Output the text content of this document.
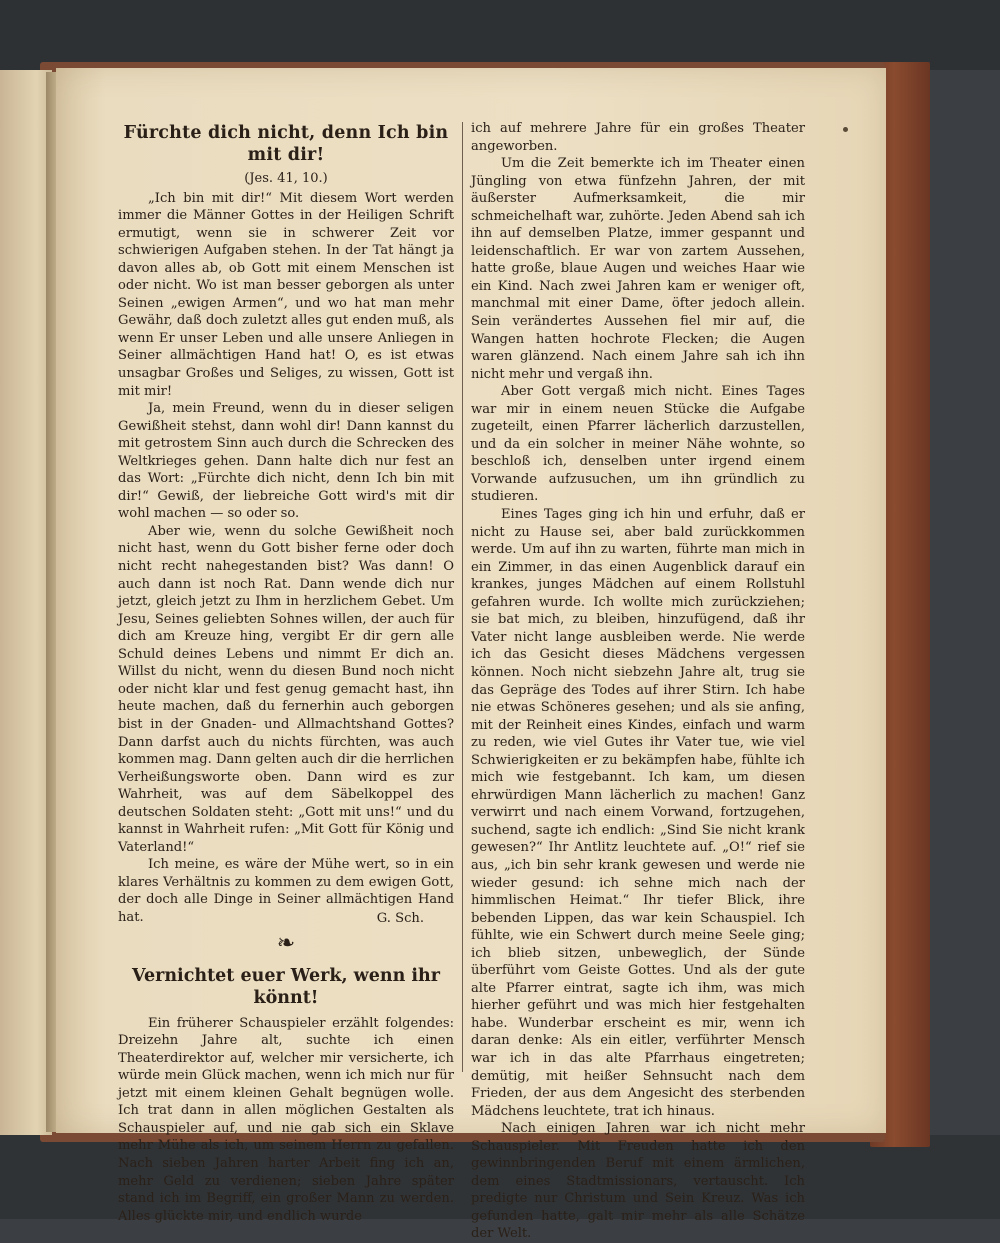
Fürchte dich nicht, denn Ich bin mit dir!
(Jes. 41, 10.)

„Ich bin mit dir!“ Mit diesem Wort werden immer die Männer Gottes in der Heiligen Schrift ermutigt, wenn sie in schwerer Zeit vor schwierigen Aufgaben stehen. In der Tat hängt ja davon alles ab, ob Gott mit einem Menschen ist oder nicht. Wo ist man besser geborgen als unter Seinen „ewigen Armen“, und wo hat man mehr Gewähr, daß doch zuletzt alles gut enden muß, als wenn Er unser Leben und alle unsere Anliegen in Seiner allmächtigen Hand hat! O, es ist etwas unsagbar Großes und Seliges, zu wissen, Gott ist mit mir!

Ja, mein Freund, wenn du in dieser seligen Gewißheit stehst, dann wohl dir! Dann kannst du mit getrostem Sinn auch durch die Schrecken des Weltkrieges gehen. Dann halte dich nur fest an das Wort: „Fürchte dich nicht, denn Ich bin mit dir!“ Gewiß, der liebreiche Gott wird's mit dir wohl machen — so oder so.

Aber wie, wenn du solche Gewißheit noch nicht hast, wenn du Gott bisher ferne oder doch nicht recht nahegestanden bist? Was dann! O auch dann ist noch Rat. Dann wende dich nur jetzt, gleich jetzt zu Ihm in herzlichem Gebet. Um Jesu, Seines geliebten Sohnes willen, der auch für dich am Kreuze hing, vergibt Er dir gern alle Schuld deines Lebens und nimmt Er dich an. Willst du nicht, wenn du diesen Bund noch nicht oder nicht klar und fest genug gemacht hast, ihn heute machen, daß du fernerhin auch geborgen bist in der Gnaden- und Allmachtshand Gottes? Dann darfst auch du nichts fürchten, was auch kommen mag. Dann gelten auch dir die herrlichen Verheißungsworte oben. Dann wird es zur Wahrheit, was auf dem Säbelkoppel des deutschen Soldaten steht: „Gott mit uns!“ und du kannst in Wahrheit rufen: „Mit Gott für König und Vaterland!“

Ich meine, es wäre der Mühe wert, so in ein klares Verhältnis zu kommen zu dem ewigen Gott, der doch alle Dinge in Seiner allmächtigen Hand hat.	G. Sch.
❧
Vernichtet euer Werk, wenn ihr könnt!

Ein früherer Schauspieler erzählt folgendes: Dreizehn Jahre alt, suchte ich einen Theaterdirektor auf, welcher mir versicherte, ich würde mein Glück machen, wenn ich mich nur für jetzt mit einem kleinen Gehalt begnügen wolle. Ich trat dann in allen möglichen Gestalten als Schauspieler auf, und nie gab sich ein Sklave mehr Mühe als ich, um seinem Herrn zu gefallen. Nach sieben Jahren harter Arbeit fing ich an, mehr Geld zu verdienen; sieben Jahre später stand ich im Begriff, ein großer Mann zu werden. Alles glückte mir, und endlich wurde

ich auf mehrere Jahre für ein großes Theater angeworben.

Um die Zeit bemerkte ich im Theater einen Jüngling von etwa fünfzehn Jahren, der mit äußerster Aufmerksamkeit, die mir schmeichelhaft war, zuhörte. Jeden Abend sah ich ihn auf demselben Platze, immer gespannt und leidenschaftlich. Er war von zartem Aussehen, hatte große, blaue Augen und weiches Haar wie ein Kind. Nach zwei Jahren kam er weniger oft, manchmal mit einer Dame, öfter jedoch allein. Sein verändertes Aussehen fiel mir auf, die Wangen hatten hochrote Flecken; die Augen waren glänzend. Nach einem Jahre sah ich ihn nicht mehr und vergaß ihn.

Aber Gott vergaß mich nicht. Eines Tages war mir in einem neuen Stücke die Aufgabe zugeteilt, einen Pfarrer lächerlich darzustellen, und da ein solcher in meiner Nähe wohnte, so beschloß ich, denselben unter irgend einem Vorwande aufzusuchen, um ihn gründlich zu studieren.

Eines Tages ging ich hin und erfuhr, daß er nicht zu Hause sei, aber bald zurückkommen werde. Um auf ihn zu warten, führte man mich in ein Zimmer, in das einen Augenblick darauf ein krankes, junges Mädchen auf einem Rollstuhl gefahren wurde. Ich wollte mich zurückziehen; sie bat mich, zu bleiben, hinzufügend, daß ihr Vater nicht lange ausbleiben werde. Nie werde ich das Gesicht dieses Mädchens vergessen können. Noch nicht siebzehn Jahre alt, trug sie das Gepräge des Todes auf ihrer Stirn. Ich habe nie etwas Schöneres gesehen; und als sie anfing, mit der Reinheit eines Kindes, einfach und warm zu reden, wie viel Gutes ihr Vater tue, wie viel Schwierigkeiten er zu bekämpfen habe, fühlte ich mich wie festgebannt. Ich kam, um diesen ehrwürdigen Mann lächerlich zu machen! Ganz verwirrt und nach einem Vorwand, fortzugehen, suchend, sagte ich endlich: „Sind Sie nicht krank gewesen?“ Ihr Antlitz leuchtete auf. „O!“ rief sie aus, „ich bin sehr krank gewesen und werde nie wieder gesund: ich sehne mich nach der himmlischen Heimat.“ Ihr tiefer Blick, ihre bebenden Lippen, das war kein Schauspiel. Ich fühlte, wie ein Schwert durch meine Seele ging; ich blieb sitzen, unbeweglich, der Sünde überführt vom Geiste Gottes. Und als der gute alte Pfarrer eintrat, sagte ich ihm, was mich hierher geführt und was mich hier festgehalten habe. Wunderbar erscheint es mir, wenn ich daran denke: Als ein eitler, verführter Mensch war ich in das alte Pfarrhaus eingetreten; demütig, mit heißer Sehnsucht nach dem Frieden, der aus dem Angesicht des sterbenden Mädchens leuchtete, trat ich hinaus.

Nach einigen Jahren war ich nicht mehr Schauspieler. Mit Freuden hatte ich den gewinnbringenden Beruf mit einem ärmlichen, dem eines Stadtmissionars, vertauscht. Ich predigte nur Christum und Sein Kreuz. Was ich gefunden hatte, galt mir mehr als alle Schätze der Welt.
